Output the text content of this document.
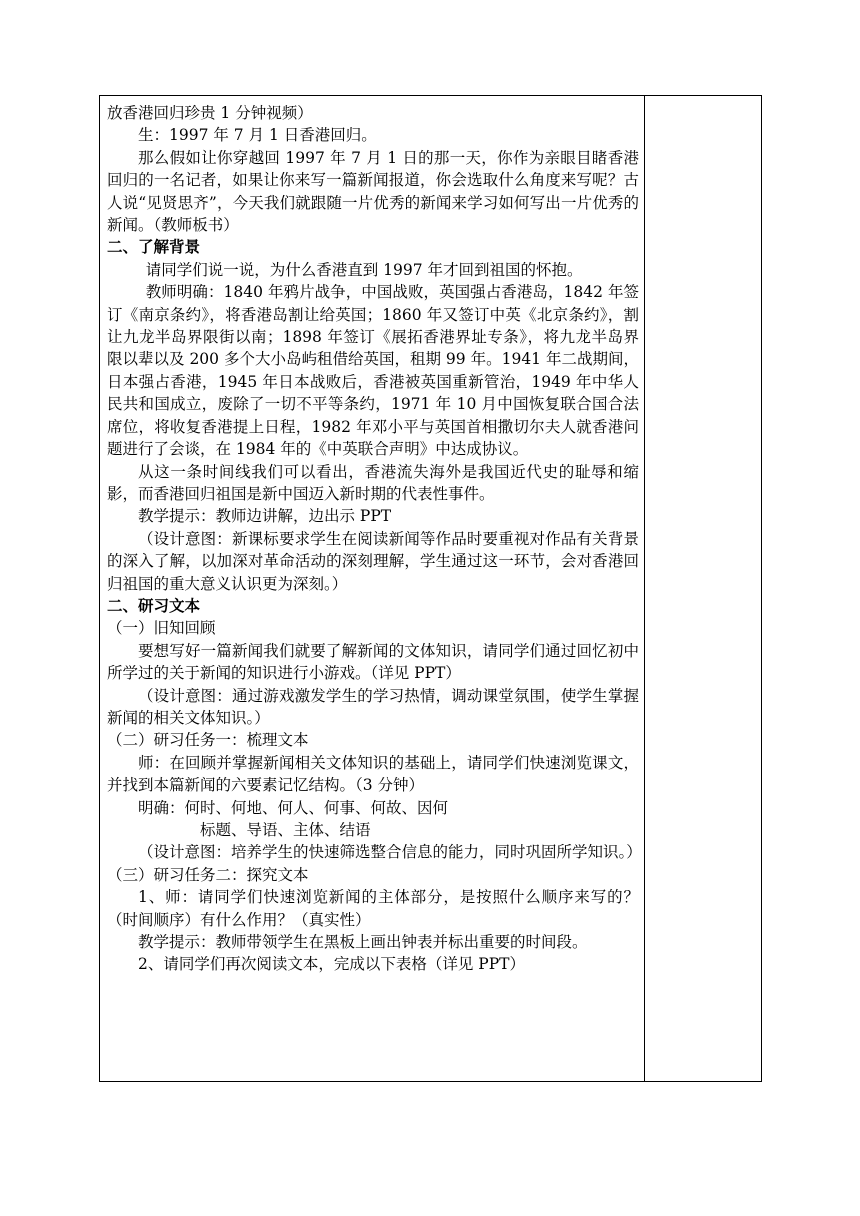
放香港回归珍贵 1 分钟视频）

生：1997 年 7 月 1 日香港回归。

那么假如让你穿越回 1997 年 7 月 1 日的那一天，你作为亲眼目睹香港回归的一名记者，如果让你来写一篇新闻报道，你会选取什么角度来写呢？古人说“见贤思齐”，今天我们就跟随一片优秀的新闻来学习如何写出一片优秀的新闻。（教师板书）

二、了解背景

请同学们说一说，为什么香港直到 1997 年才回到祖国的怀抱。

教师明确：1840 年鸦片战争，中国战败，英国强占香港岛，1842 年签订《南京条约》，将香港岛割让给英国；1860 年又签订中英《北京条约》，割让九龙半岛界限街以南；1898 年签订《展拓香港界址专条》，将九龙半岛界限以辈以及 200 多个大小岛屿租借给英国，租期 99 年。1941 年二战期间，日本强占香港，1945 年日本战败后，香港被英国重新管治，1949 年中华人民共和国成立，废除了一切不平等条约，1971 年 10 月中国恢复联合国合法席位，将收复香港提上日程，1982 年邓小平与英国首相撒切尔夫人就香港问题进行了会谈，在 1984 年的《中英联合声明》中达成协议。

从这一条时间线我们可以看出，香港流失海外是我国近代史的耻辱和缩影，而香港回归祖国是新中国迈入新时期的代表性事件。

教学提示：教师边讲解，边出示 PPT

（设计意图：新课标要求学生在阅读新闻等作品时要重视对作品有关背景的深入了解，以加深对革命活动的深刻理解，学生通过这一环节，会对香港回归祖国的重大意义认识更为深刻。）

二、研习文本

（一）旧知回顾

要想写好一篇新闻我们就要了解新闻的文体知识，请同学们通过回忆初中所学过的关于新闻的知识进行小游戏。（详见 PPT）

（设计意图：通过游戏激发学生的学习热情，调动课堂氛围，使学生掌握新闻的相关文体知识。）

（二）研习任务一：梳理文本

师：在回顾并掌握新闻相关文体知识的基础上，请同学们快速浏览课文，并找到本篇新闻的六要素记忆结构。（3 分钟）

明确：何时、何地、何人、何事、何故、因何

标题、导语、主体、结语

（设计意图：培养学生的快速筛选整合信息的能力，同时巩固所学知识。）

（三）研习任务二：探究文本

1、师：请同学们快速浏览新闻的主体部分，是按照什么顺序来写的？（时间顺序）有什么作用？（真实性）

教学提示：教师带领学生在黑板上画出钟表并标出重要的时间段。

2、请同学们再次阅读文本，完成以下表格（详见 PPT）
